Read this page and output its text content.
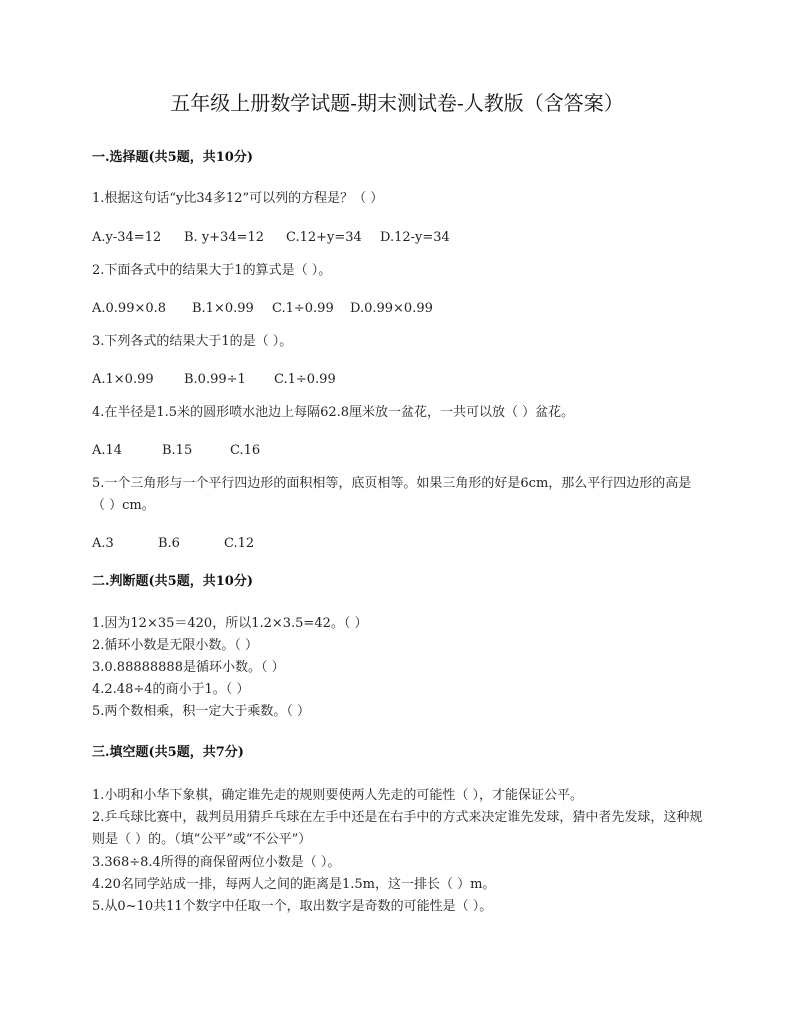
五年级上册数学试题-期末测试卷-人教版（含答案）
一.选择题(共5题，共10分)
1.根据这句话“y比34多12”可以列的方程是？（ ）
A.y-34=12 B. y+34=12 C.12+y=34 D.12-y=34
2.下面各式中的结果大于1的算式是（ ）。
A.0.99×0.8 B.1×0.99 C.1÷0.99 D.0.99×0.99
3.下列各式的结果大于1的是（ ）。
A.1×0.99 B.0.99÷1 C.1÷0.99
4.在半径是1.5米的圆形喷水池边上每隔62.8厘米放一盆花，一共可以放（ ）盆花。
A.14	B.15	C.16
5.一个三角形与一个平行四边形的面积相等，底页相等。如果三角形的好是6cm，那么平行四边形的高是（ ）cm。
A.3	B.6	C.12
二.判断题(共5题，共10分)
1.因为12×35＝420，所以1.2×3.5=42。（ ）
2.循环小数是无限小数。（ ）
3.0.88888888是循环小数。（ ）
4.2.48÷4的商小于1。（ ）
5.两个数相乘，积一定大于乘数。（ ）
三.填空题(共5题，共7分)
1.小明和小华下象棋，确定谁先走的规则要使两人先走的可能性（ ），才能保证公平。
2.乒乓球比赛中，裁判员用猜乒乓球在左手中还是在右手中的方式来决定谁先发球，猜中者先发球，这种规则是（ ）的。（填“公平”或“不公平”）
3.368÷8.4所得的商保留两位小数是（ ）。
4.20名同学站成一排，每两人之间的距离是1.5m，这一排长（ ）m。
5.从0~10共11个数字中任取一个，取出数字是奇数的可能性是（ ）。
